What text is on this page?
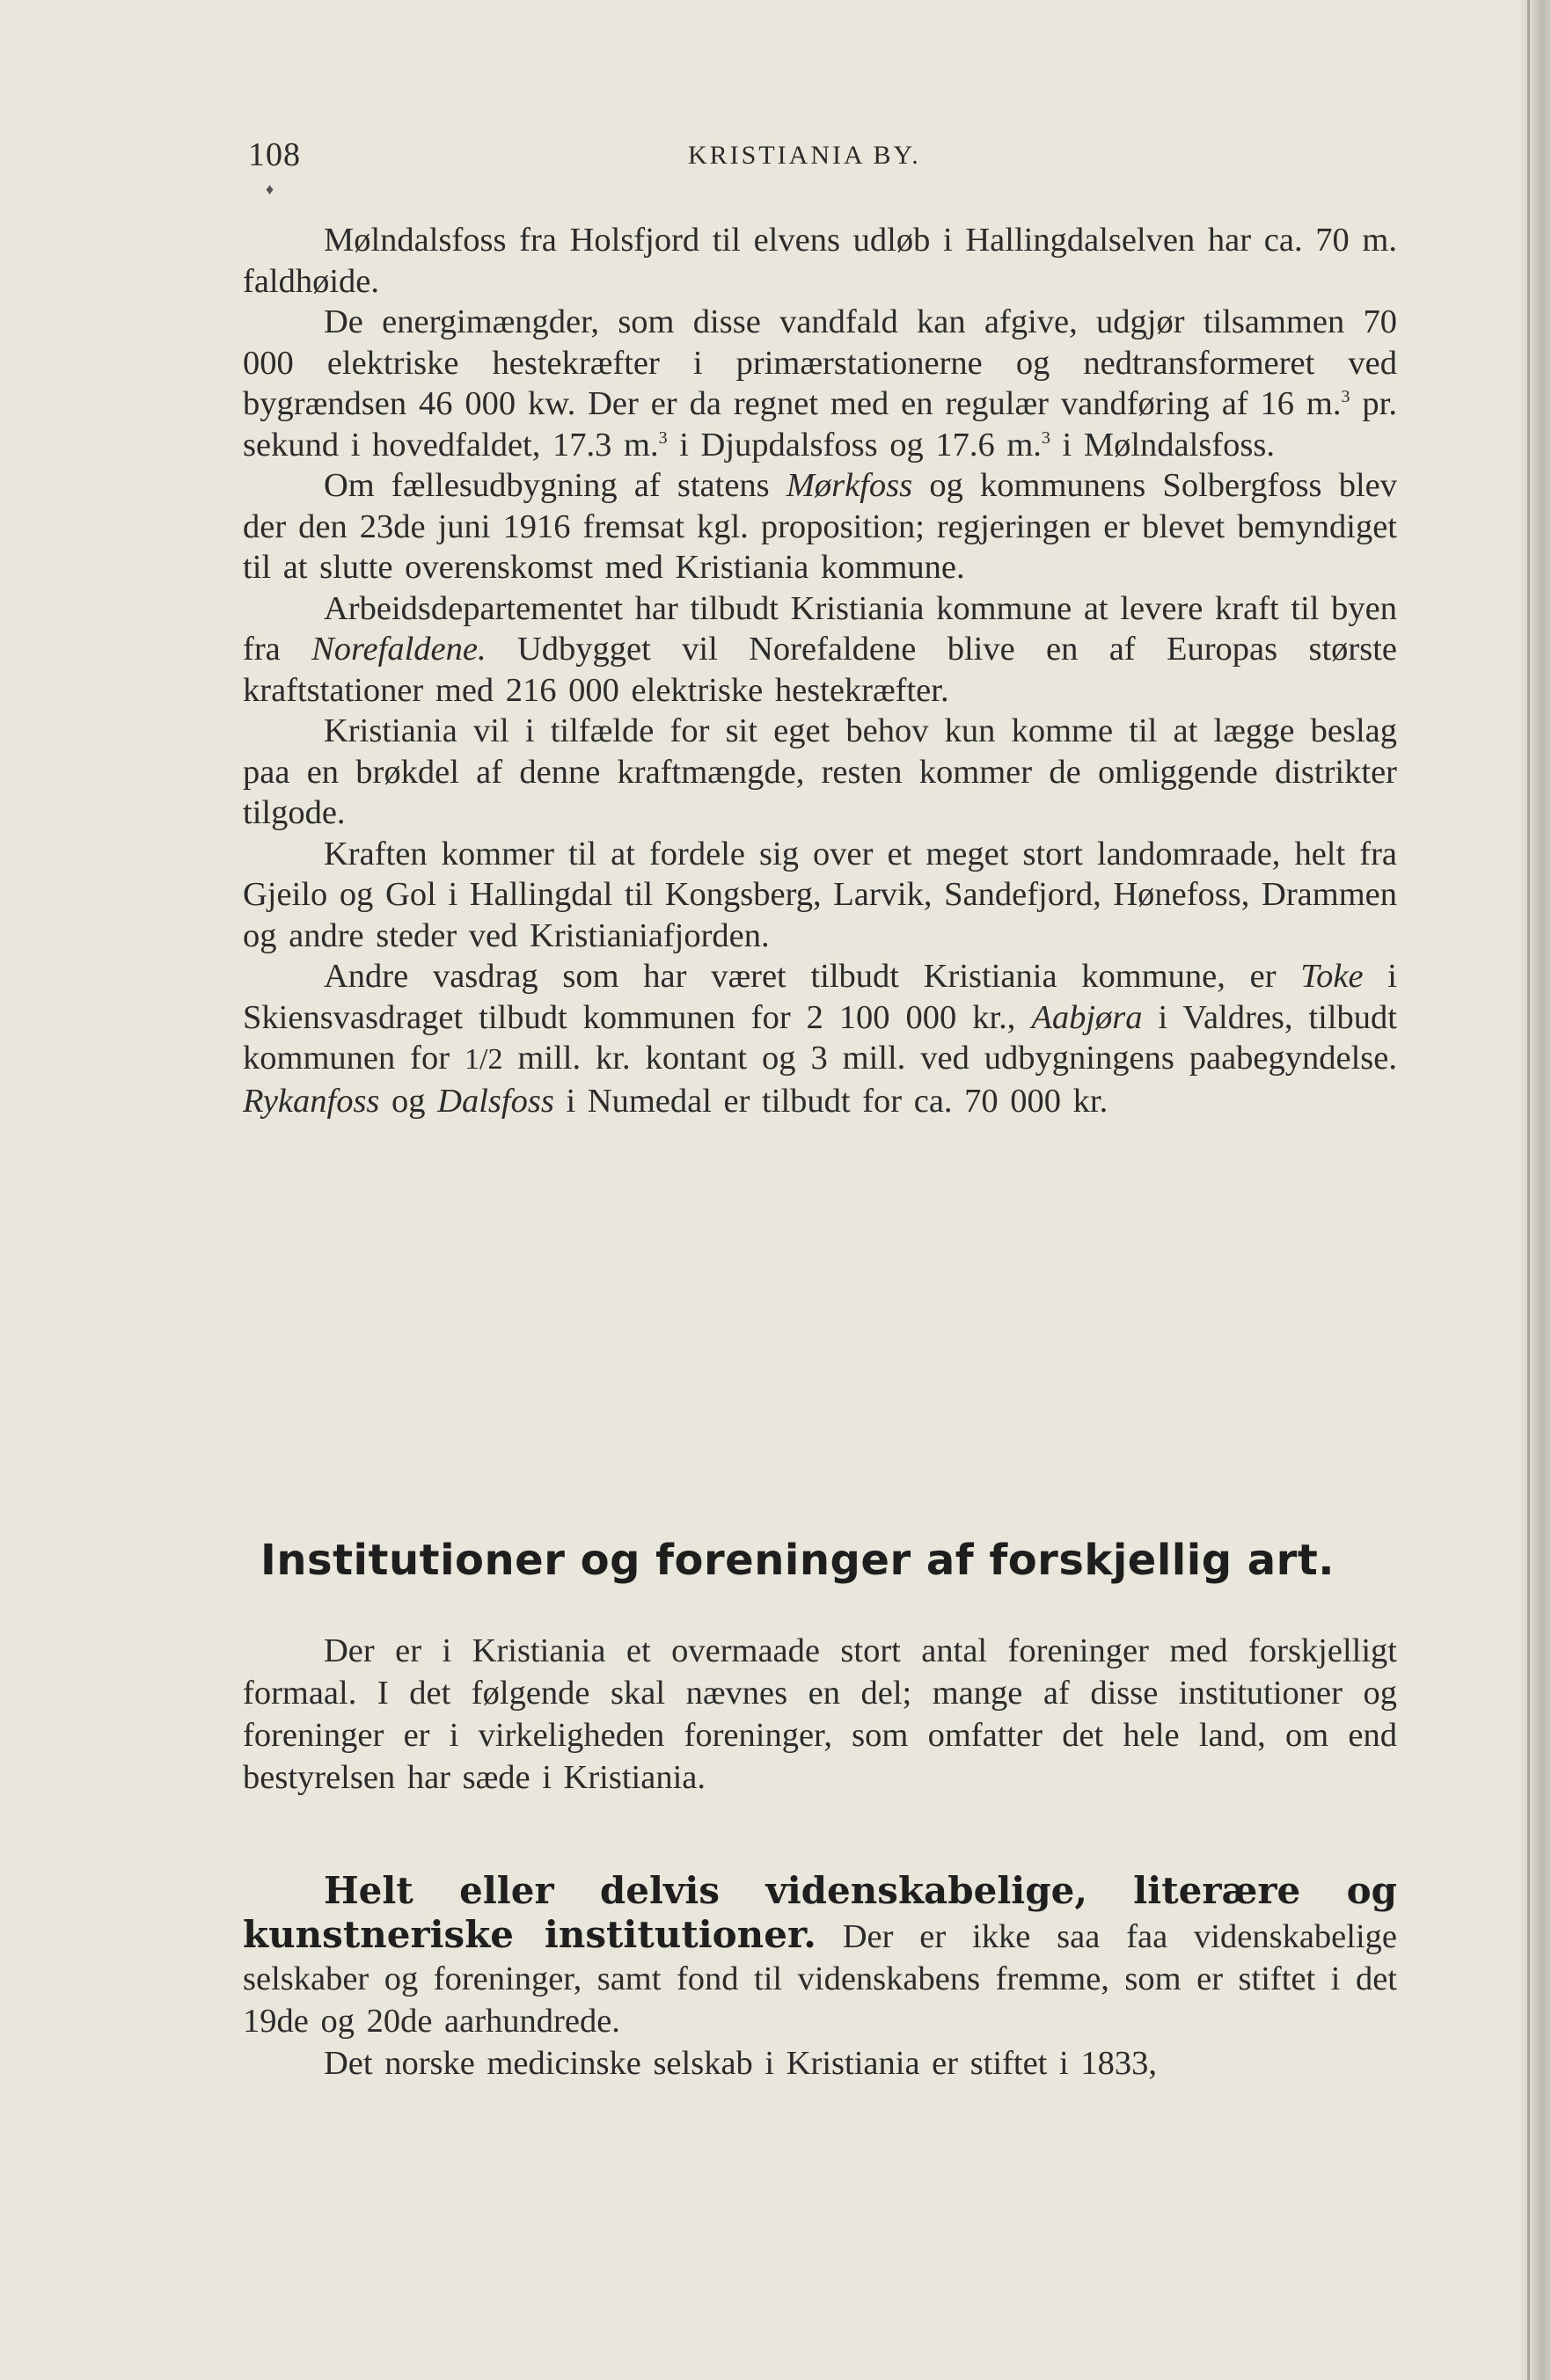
108	KRISTIANIA BY.
♦

Mølndalsfoss fra Holsfjord til elvens udløb i Hallingdalselven har ca. 70 m. faldhøide.

De energimængder, som disse vandfald kan afgive, udgjør tilsammen 70 000 elektriske hestekræfter i primærstationerne og nedtransformeret ved bygrændsen 46 000 kw. Der er da regnet med en regulær vandføring af 16 m.$^3$ pr. sekund i hovedfaldet, 17.3 m.$^3$ i Djupdalsfoss og 17.6 m.$^3$ i Mølndalsfoss.

Om fællesudbygning af statens Mørkfoss og kommunens Solbergfoss blev der den 23de juni 1916 fremsat kgl. proposition; regjeringen er blevet bemyndiget til at slutte overenskomst med Kristiania kommune.

Arbeidsdepartementet har tilbudt Kristiania kommune at levere kraft til byen fra Norefaldene. Udbygget vil Norefaldene blive en af Europas største kraftstationer med 216 000 elektriske hestekræfter.

Kristiania vil i tilfælde for sit eget behov kun komme til at lægge beslag paa en brøkdel af denne kraftmængde, resten kommer de omliggende distrikter tilgode.

Kraften kommer til at fordele sig over et meget stort landomraade, helt fra Gjeilo og Gol i Hallingdal til Kongsberg, Larvik, Sandefjord, Hønefoss, Drammen og andre steder ved Kristianiafjorden.

Andre vasdrag som har været tilbudt Kristiania kommune, er Toke i Skiensvasdraget tilbudt kommunen for 2 100 000 kr., Aabjøra i Valdres, tilbudt kommunen for 1/2 mill. kr. kontant og 3 mill. ved udbygningens paabegyndelse. Rykanfoss og Dalsfoss i Numedal er tilbudt for ca. 70 000 kr.

Institutioner og foreninger af forskjellig art.

Der er i Kristiania et overmaade stort antal foreninger med forskjelligt formaal. I det følgende skal nævnes en del; mange af disse institutioner og foreninger er i virkeligheden foreninger, som omfatter det hele land, om end bestyrelsen har sæde i Kristiania.

Helt eller delvis videnskabelige, literære og kunstneriske institutioner. Der er ikke saa faa videnskabelige selskaber og foreninger, samt fond til videnskabens fremme, som er stiftet i det 19de og 20de aarhundrede.

Det norske medicinske selskab i Kristiania er stiftet i 1833,
